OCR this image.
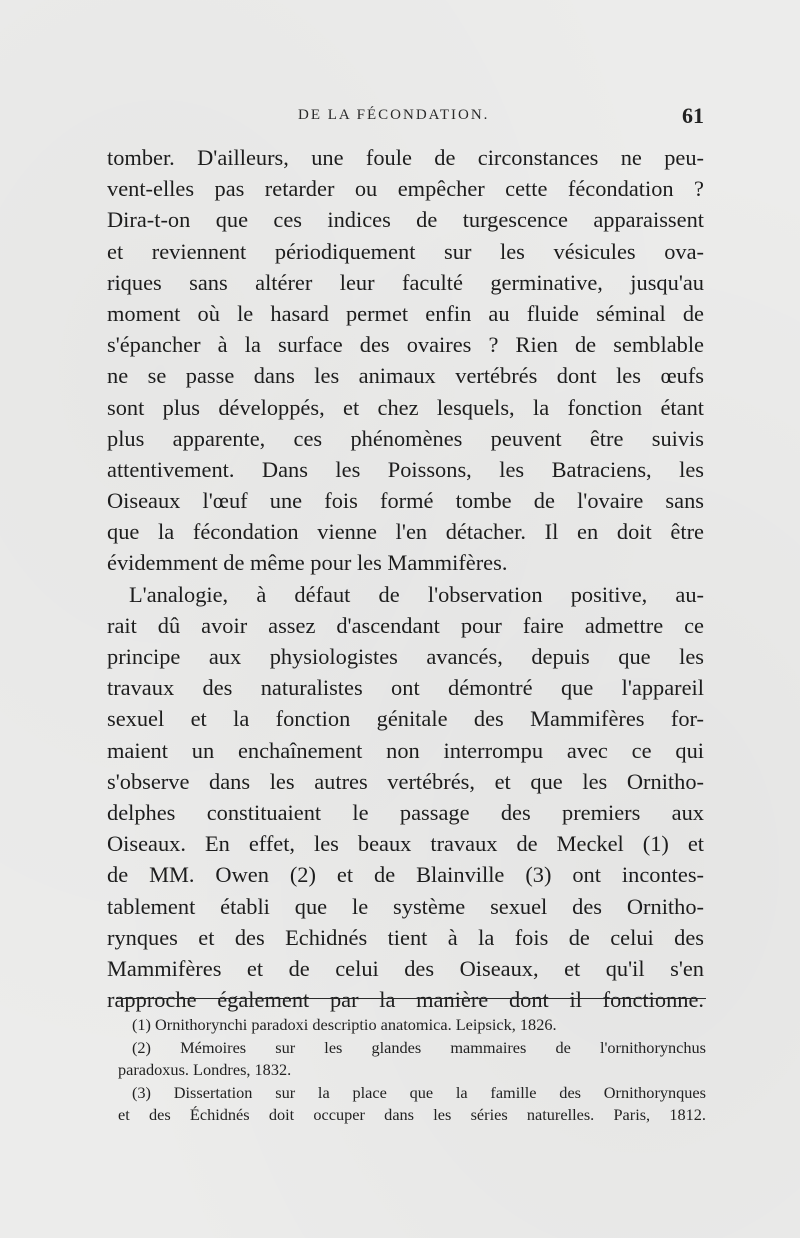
DE LA FÉCONDATION.	61
tomber. D'ailleurs, une foule de circonstances ne peu-
vent-elles pas retarder ou empêcher cette fécondation ?
Dira-t-on que ces indices de turgescence apparaissent
et reviennent périodiquement sur les vésicules ova-
riques sans altérer leur faculté germinative, jusqu'au
moment où le hasard permet enfin au fluide séminal de
s'épancher à la surface des ovaires ? Rien de semblable
ne se passe dans les animaux vertébrés dont les œufs
sont plus développés, et chez lesquels, la fonction étant
plus apparente, ces phénomènes peuvent être suivis
attentivement. Dans les Poissons, les Batraciens, les
Oiseaux l'œuf une fois formé tombe de l'ovaire sans
que la fécondation vienne l'en détacher. Il en doit être
évidemment de même pour les Mammifères.
L'analogie, à défaut de l'observation positive, au-
rait dû avoir assez d'ascendant pour faire admettre ce
principe aux physiologistes avancés, depuis que les
travaux des naturalistes ont démontré que l'appareil
sexuel et la fonction génitale des Mammifères for-
maient un enchaînement non interrompu avec ce qui
s'observe dans les autres vertébrés, et que les Ornitho-
delphes constituaient le passage des premiers aux
Oiseaux. En effet, les beaux travaux de Meckel (1) et
de MM. Owen (2) et de Blainville (3) ont incontes-
tablement établi que le système sexuel des Ornitho-
rynques et des Echidnés tient à la fois de celui des
Mammifères et de celui des Oiseaux, et qu'il s'en
rapproche également par la manière dont il fonctionne.
(1) Ornithorynchi paradoxi descriptio anatomica. Leipsick, 1826.
(2) Mémoires sur les glandes mammaires de l'ornithorynchus
paradoxus. Londres, 1832.
(3) Dissertation sur la place que la famille des Ornithorynques
et des Échidnés doit occuper dans les séries naturelles. Paris, 1812.
